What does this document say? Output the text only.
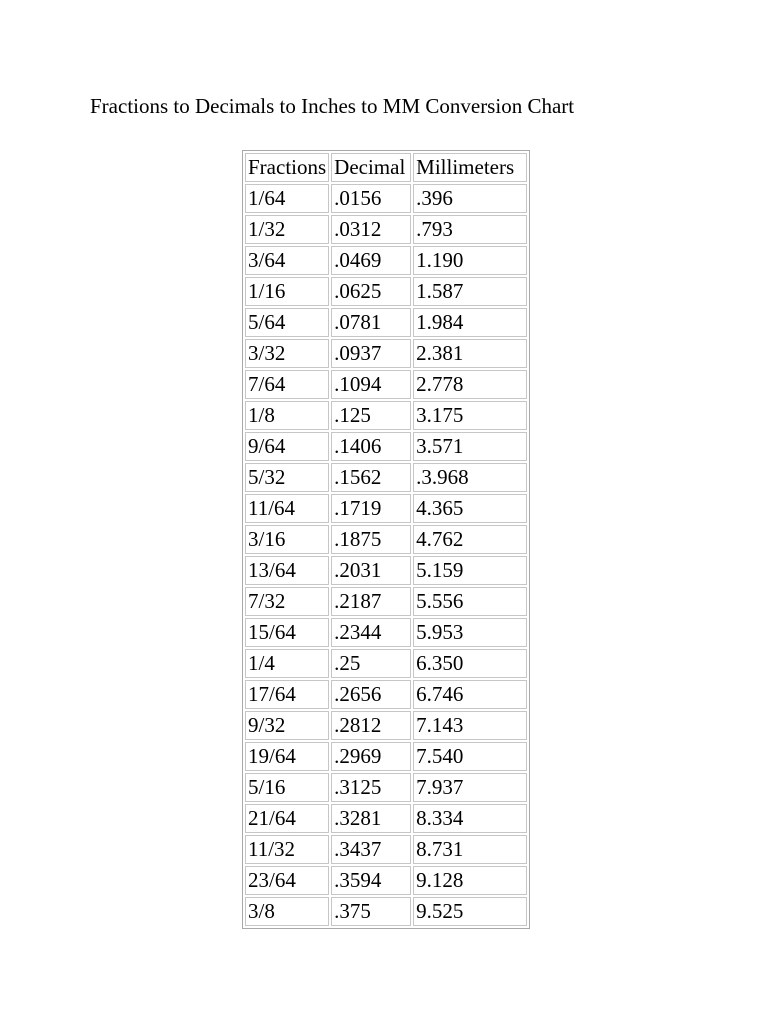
Fractions to Decimals to Inches to MM Conversion Chart
Fractions	Decimal	Millimeters
1/64	.0156	.396
1/32	.0312	.793
3/64	.0469	1.190
1/16	.0625	1.587
5/64	.0781	1.984
3/32	.0937	2.381
7/64	.1094	2.778
1/8	.125	3.175
9/64	.1406	3.571
5/32	.1562	.3.968
11/64	.1719	4.365
3/16	.1875	4.762
13/64	.2031	5.159
7/32	.2187	5.556
15/64	.2344	5.953
1/4	.25	6.350
17/64	.2656	6.746
9/32	.2812	7.143
19/64	.2969	7.540
5/16	.3125	7.937
21/64	.3281	8.334
11/32	.3437	8.731
23/64	.3594	9.128
3/8	.375	9.525
